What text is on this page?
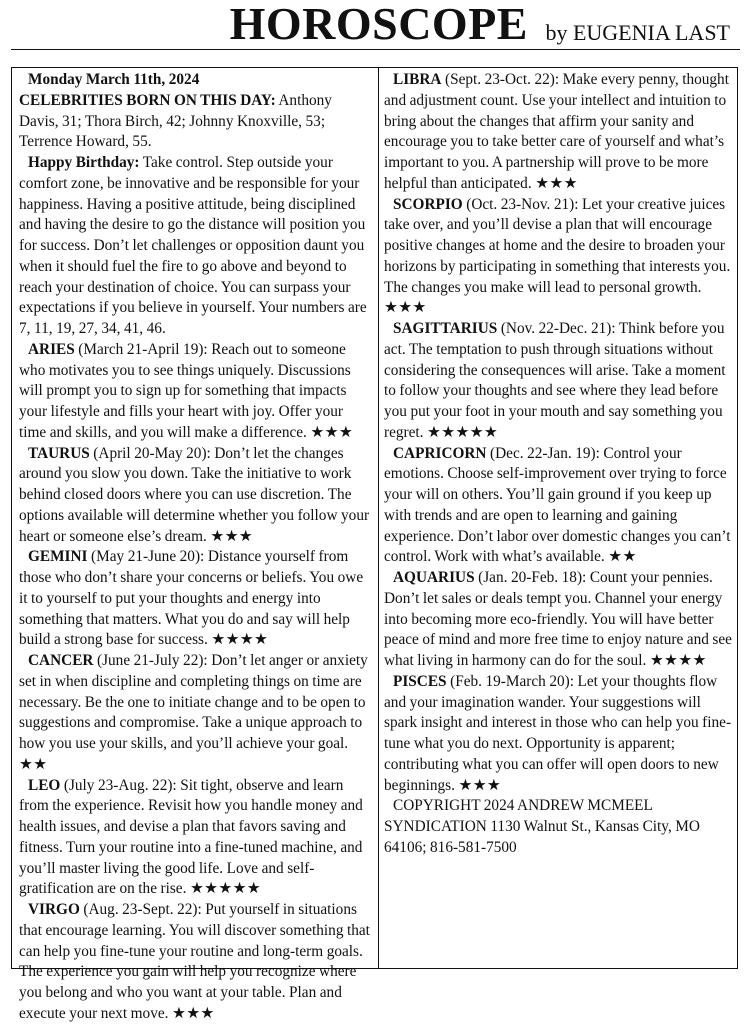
HOROSCOPE by EUGENIA LAST

Monday March 11th, 2024

CELEBRITIES BORN ON THIS DAY: Anthony Davis, 31; Thora Birch, 42; Johnny Knoxville, 53; Terrence Howard, 55.

Happy Birthday: Take control. Step outside your comfort zone, be innovative and be responsible for your happiness. Having a positive attitude, being disciplined and having the desire to go the distance will position you for success. Don’t let challenges or opposition daunt you when it should fuel the fire to go above and beyond to reach your destination of choice. You can surpass your expectations if you believe in yourself. Your numbers are 7, 11, 19, 27, 34, 41, 46.

ARIES (March 21-April 19): Reach out to someone who motivates you to see things uniquely. Discussions will prompt you to sign up for something that impacts your lifestyle and fills your heart with joy. Offer your time and skills, and you will make a difference. ★★★

TAURUS (April 20-May 20): Don’t let the changes around you slow you down. Take the initiative to work behind closed doors where you can use discretion. The options available will determine whether you follow your heart or someone else’s dream. ★★★

GEMINI (May 21-June 20): Distance yourself from those who don’t share your concerns or beliefs. You owe it to yourself to put your thoughts and energy into something that matters. What you do and say will help build a strong base for success. ★★★★

CANCER (June 21-July 22): Don’t let anger or anxiety set in when discipline and completing things on time are necessary. Be the one to initiate change and to be open to suggestions and compromise. Take a unique approach to how you use your skills, and you’ll achieve your goal. ★★

LEO (July 23-Aug. 22): Sit tight, observe and learn from the experience. Revisit how you handle money and health issues, and devise a plan that favors saving and fitness. Turn your routine into a fine-tuned machine, and you’ll master living the good life. Love and self-gratification are on the rise. ★★★★★

VIRGO (Aug. 23-Sept. 22): Put yourself in situations that encourage learning. You will discover something that can help you fine-tune your routine and long-term goals. The experience you gain will help you recognize where you belong and who you want at your table. Plan and execute your next move. ★★★

LIBRA (Sept. 23-Oct. 22): Make every penny, thought and adjustment count. Use your intellect and intuition to bring about the changes that affirm your sanity and encourage you to take better care of yourself and what’s important to you. A partnership will prove to be more helpful than anticipated. ★★★

SCORPIO (Oct. 23-Nov. 21): Let your creative juices take over, and you’ll devise a plan that will encourage positive changes at home and the desire to broaden your horizons by participating in something that interests you. The changes you make will lead to personal growth. ★★★

SAGITTARIUS (Nov. 22-Dec. 21): Think before you act. The temptation to push through situations without considering the consequences will arise. Take a moment to follow your thoughts and see where they lead before you put your foot in your mouth and say something you regret. ★★★★★

CAPRICORN (Dec. 22-Jan. 19): Control your emotions. Choose self-improvement over trying to force your will on others. You’ll gain ground if you keep up with trends and are open to learning and gaining experience. Don’t labor over domestic changes you can’t control. Work with what’s available. ★★

AQUARIUS (Jan. 20-Feb. 18): Count your pennies. Don’t let sales or deals tempt you. Channel your energy into becoming more eco-friendly. You will have better peace of mind and more free time to enjoy nature and see what living in harmony can do for the soul. ★★★★

PISCES (Feb. 19-March 20): Let your thoughts flow and your imagination wander. Your suggestions will spark insight and interest in those who can help you fine-tune what you do next. Opportunity is apparent; contributing what you can offer will open doors to new beginnings. ★★★

COPYRIGHT 2024 ANDREW MCMEEL SYNDICATION 1130 Walnut St., Kansas City, MO 64106; 816-581-7500
